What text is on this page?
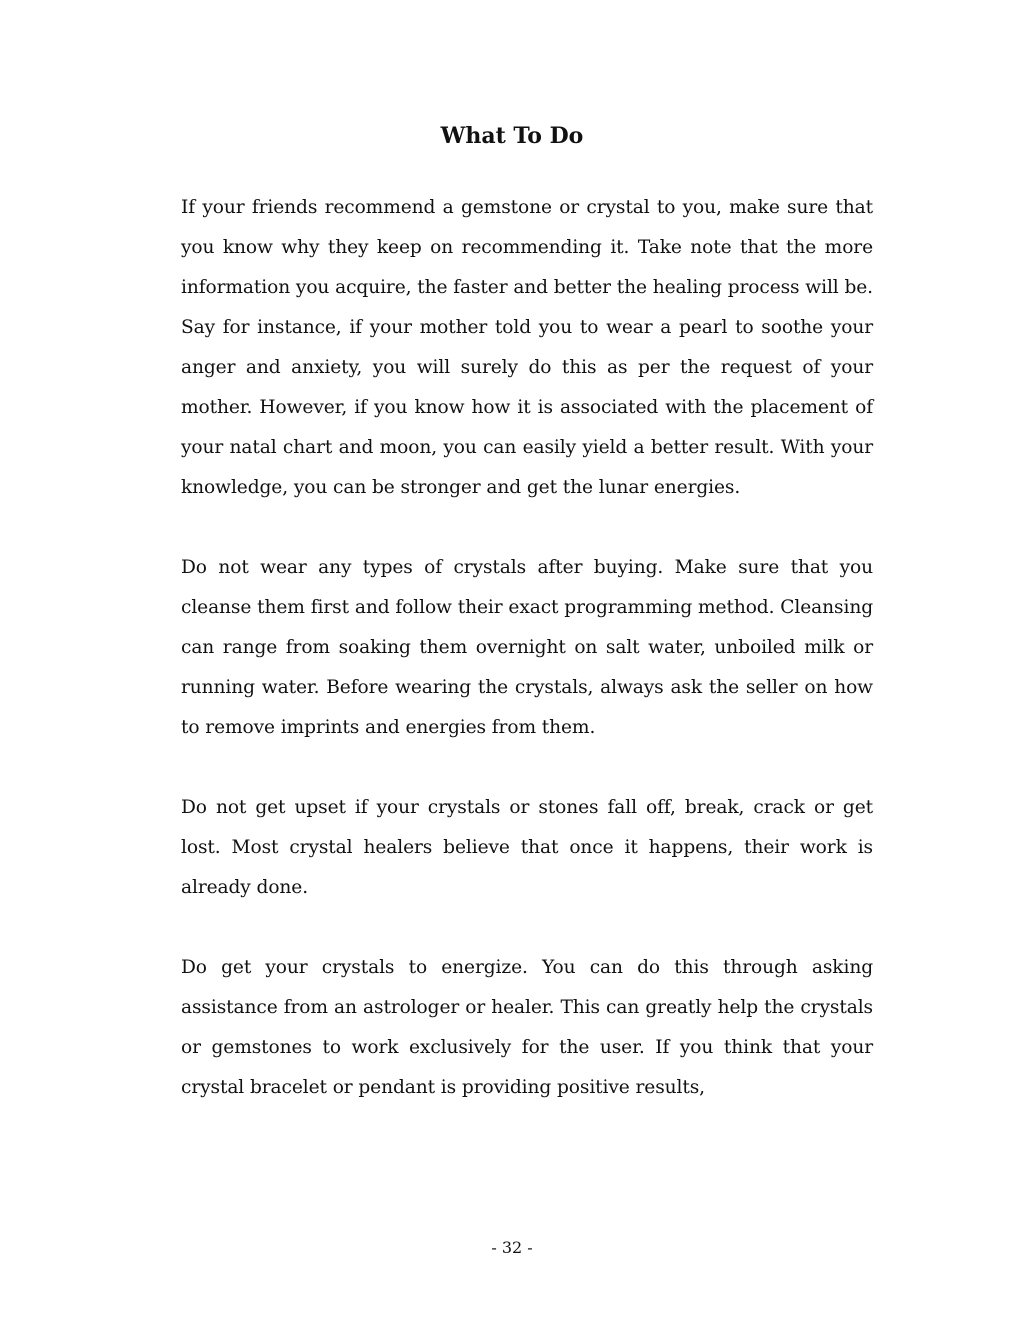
What To Do

If your friends recommend a gemstone or crystal to you, make sure that you know why they keep on recommending it. Take note that the more information you acquire, the faster and better the healing process will be. Say for instance, if your mother told you to wear a pearl to soothe your anger and anxiety, you will surely do this as per the request of your mother. However, if you know how it is associated with the placement of your natal chart and moon, you can easily yield a better result. With your knowledge, you can be stronger and get the lunar energies.

Do not wear any types of crystals after buying. Make sure that you cleanse them first and follow their exact programming method. Cleansing can range from soaking them overnight on salt water, unboiled milk or running water. Before wearing the crystals, always ask the seller on how to remove imprints and energies from them.

Do not get upset if your crystals or stones fall off, break, crack or get lost. Most crystal healers believe that once it happens, their work is already done.

Do get your crystals to energize. You can do this through asking assistance from an astrologer or healer. This can greatly help the crystals or gemstones to work exclusively for the user. If you think that your crystal bracelet or pendant is providing positive results,

- 32 -
